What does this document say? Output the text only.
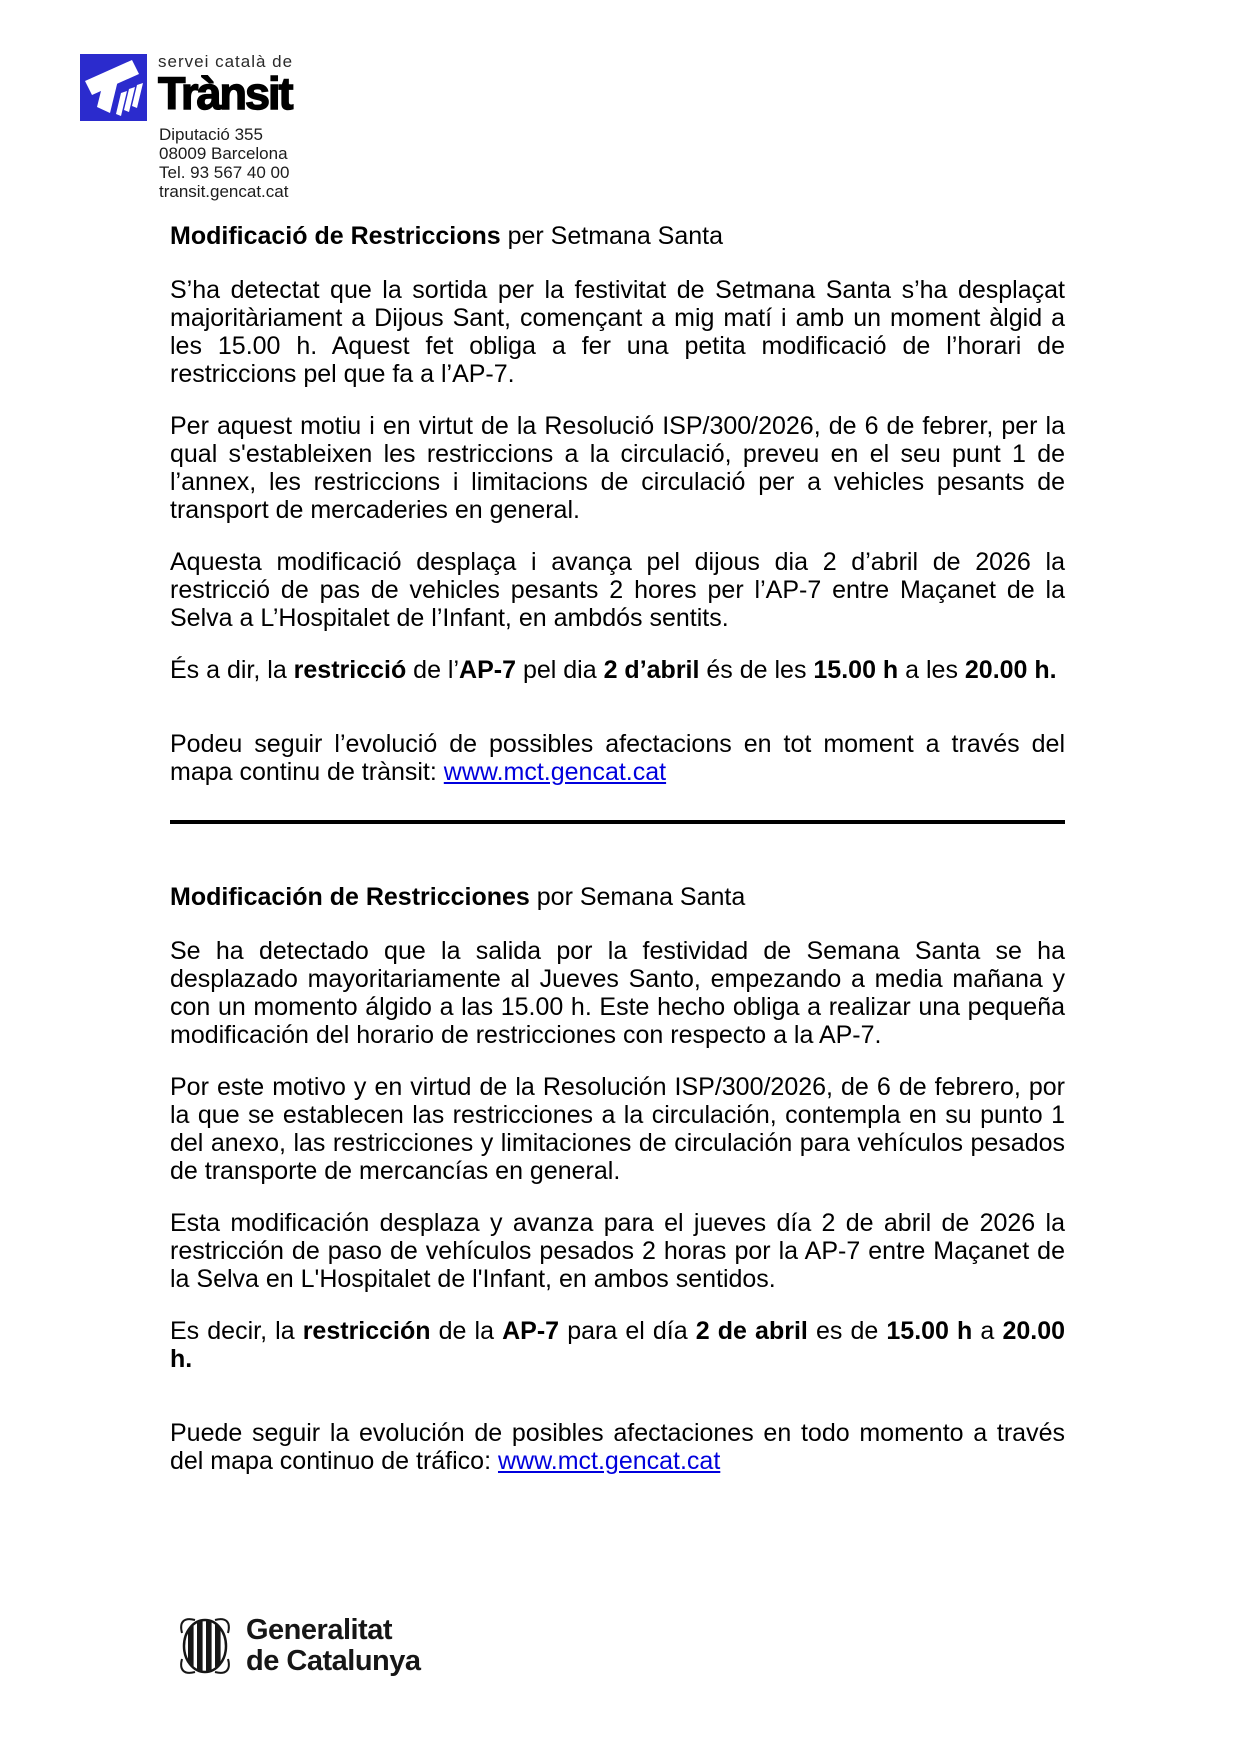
servei català de
Trànsit
Diputació 355
08009 Barcelona
Tel. 93 567 40 00
transit.gencat.cat
Modificació de Restriccions per Setmana Santa

S’ha detectat que la sortida per la festivitat de Setmana Santa s’ha desplaçat majoritàriament a Dijous Sant, començant a mig matí i amb un moment àlgid a les 15.00 h. Aquest fet obliga a fer una petita modificació de l’horari de restriccions pel que fa a l’AP-7.

Per aquest motiu i en virtut de la Resolució ISP/300/2026, de 6 de febrer, per la qual s'estableixen les restriccions a la circulació, preveu en el seu punt 1 de l’annex, les restriccions i limitacions de circulació per a vehicles pesants de transport de mercaderies en general.

Aquesta modificació desplaça i avança pel dijous dia 2 d’abril de 2026 la restricció de pas de vehicles pesants 2 hores per l’AP-7 entre Maçanet de la Selva a L’Hospitalet de l’Infant, en ambdós sentits.

És a dir, la restricció de l’AP-7 pel dia 2 d’abril és de les 15.00 h a les 20.00 h.

Podeu seguir l’evolució de possibles afectacions en tot moment a través del mapa continu de trànsit: www.mct.gencat.cat

Modificación de Restricciones por Semana Santa

Se ha detectado que la salida por la festividad de Semana Santa se ha desplazado mayoritariamente al Jueves Santo, empezando a media mañana y con un momento álgido a las 15.00 h. Este hecho obliga a realizar una pequeña modificación del horario de restricciones con respecto a la AP-7.

Por este motivo y en virtud de la Resolución ISP/300/2026, de 6 de febrero, por la que se establecen las restricciones a la circulación, contempla en su punto 1 del anexo, las restricciones y limitaciones de circulación para vehículos pesados de transporte de mercancías en general.

Esta modificación desplaza y avanza para el jueves día 2 de abril de 2026 la restricción de paso de vehículos pesados 2 horas por la AP-7 entre Maçanet de la Selva en L'Hospitalet de l'Infant, en ambos sentidos.

Es decir, la restricción de la AP-7 para el día 2 de abril es de 15.00 h a 20.00 h.

Puede seguir la evolución de posibles afectaciones en todo momento a través del mapa continuo de tráfico: www.mct.gencat.cat

Generalitat
de Catalunya
